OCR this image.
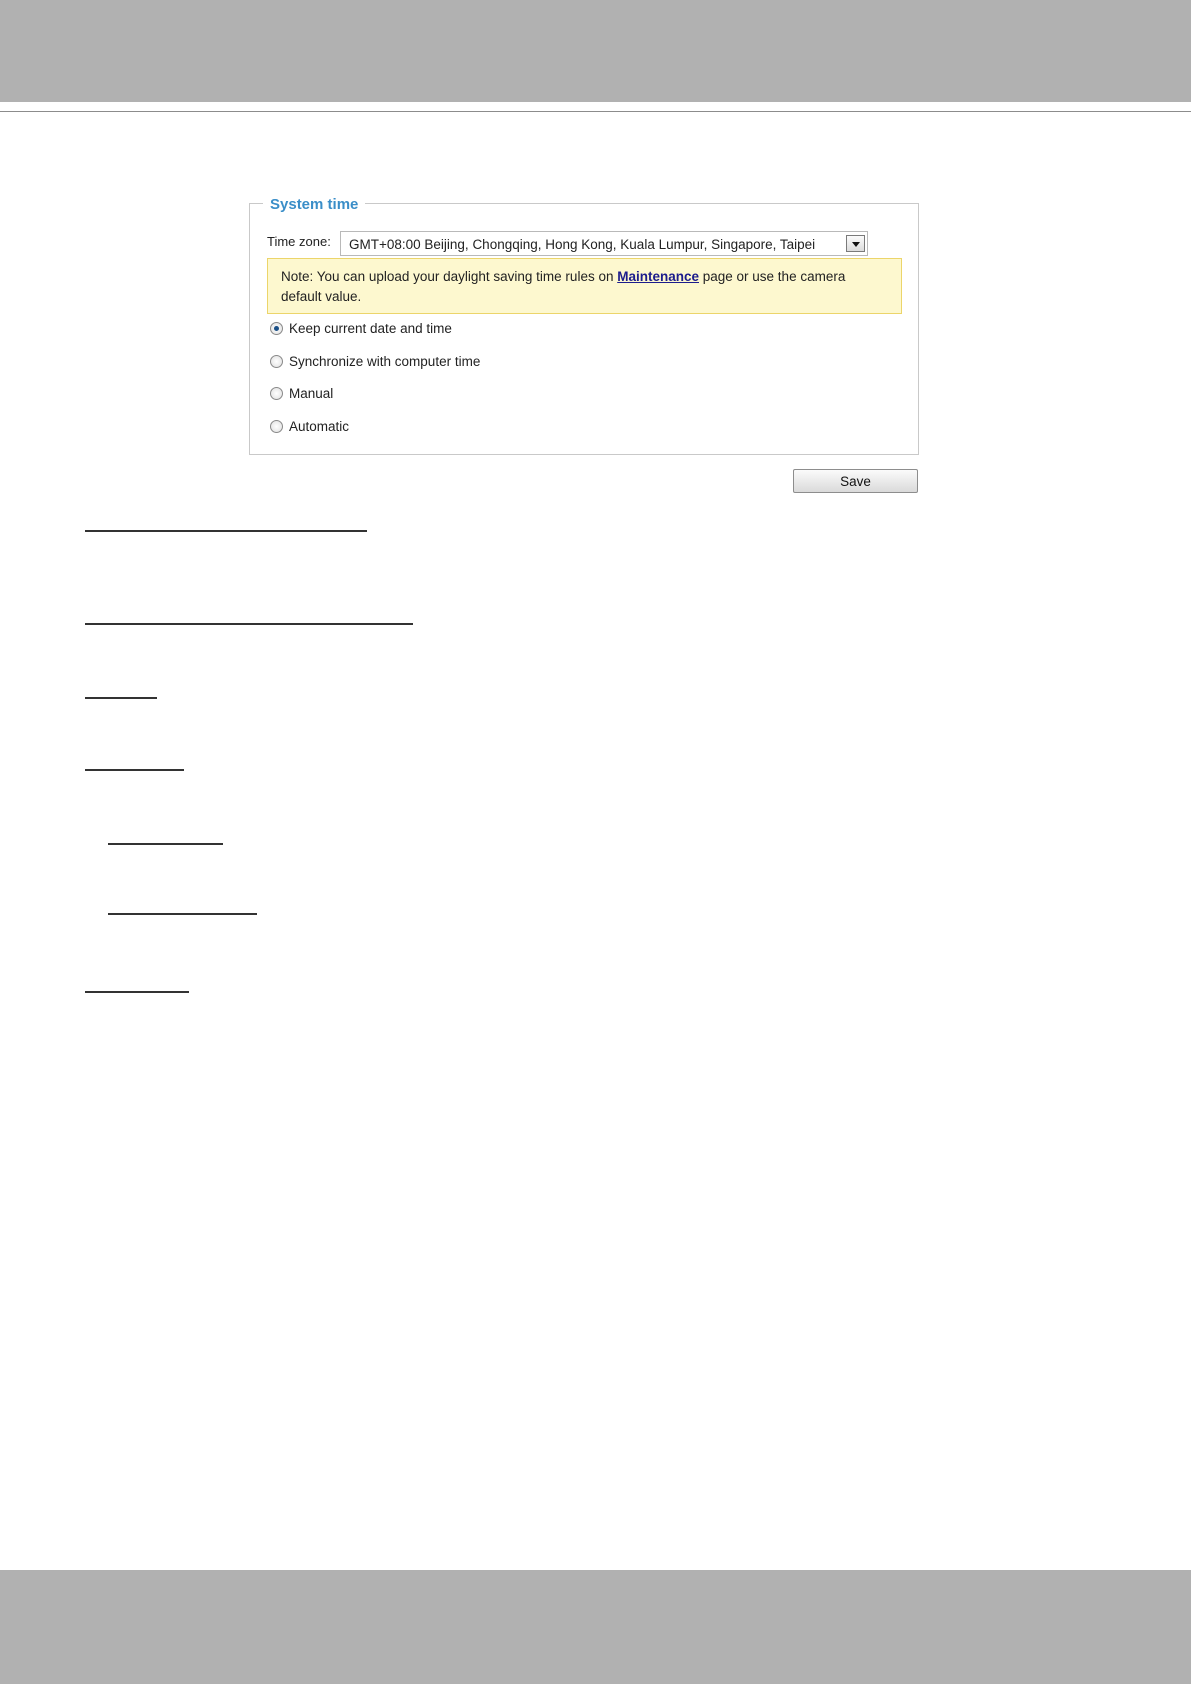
System time
Time zone: GMT+08:00 Beijing, Chongqing, Hong Kong, Kuala Lumpur, Singapore, Taipei
Note: You can upload your daylight saving time rules on Maintenance page or use the camera default value.
Keep current date and time
Synchronize with computer time
Manual
Automatic
Save
